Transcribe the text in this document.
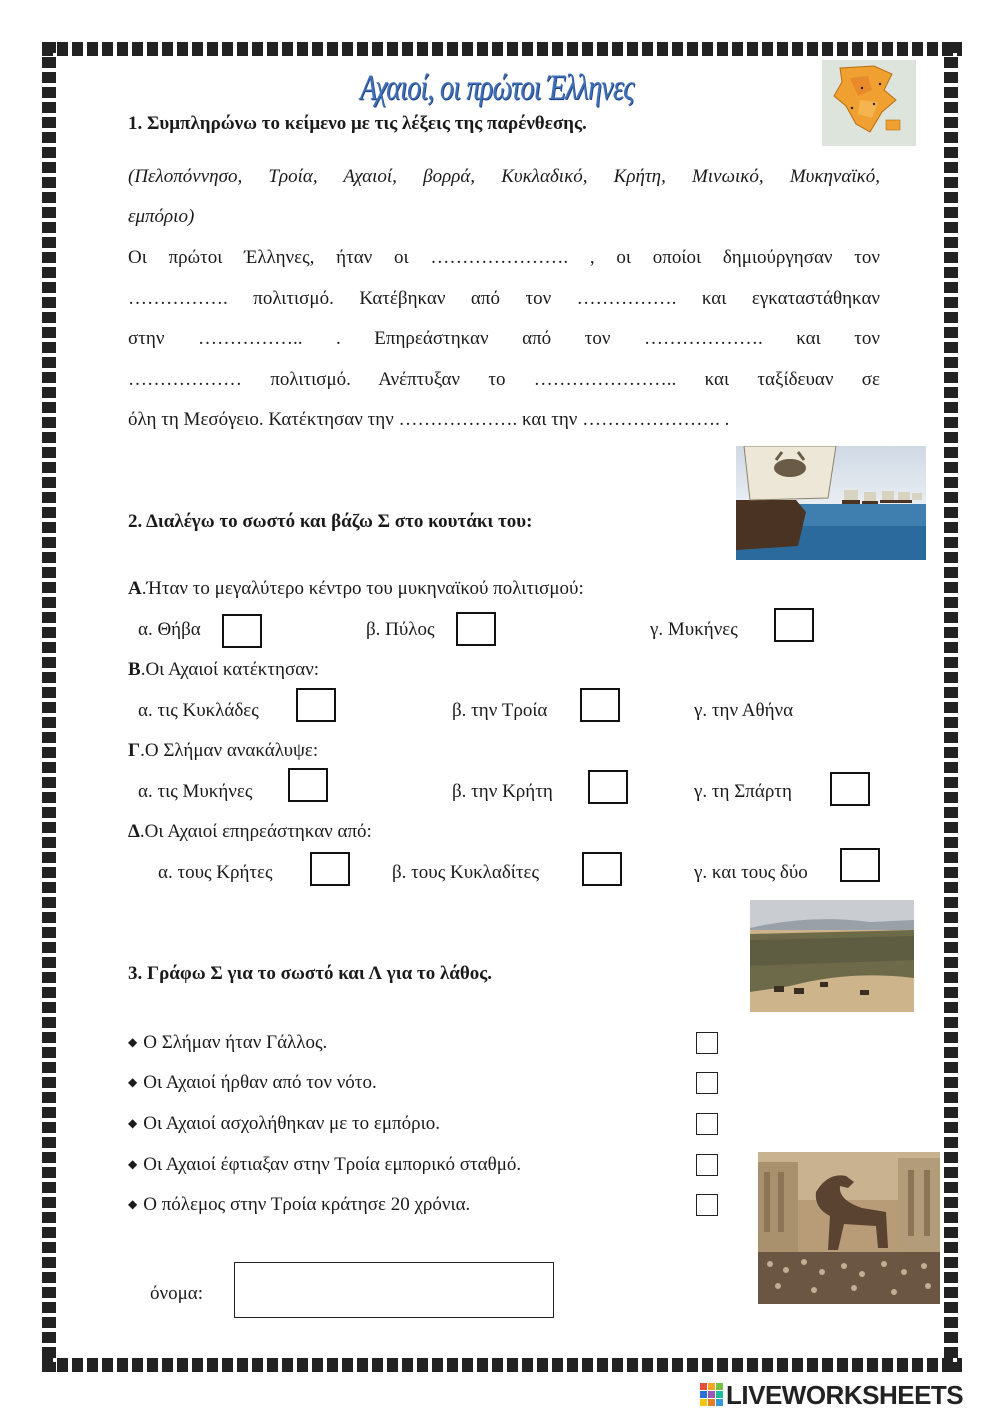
Αχαιοί, οι πρώτοι Έλληνες
1. Συμπληρώνω το κείμενο με τις λέξεις της παρένθεσης.
(Πελοπόννησο, Τροία, Αχαιοί, βορρά, Κυκλαδικό, Κρήτη, Μινωικό, Μυκηναϊκό,
εμπόριο)
Οι πρώτοι Έλληνες, ήταν οι …………………. , οι οποίοι δημιούργησαν τον
……………. πολιτισμό. Κατέβηκαν από τον ……………. και εγκαταστάθηκαν
στην …………….. . Επηρεάστηκαν από τον ………………. και τον
……………… πολιτισμό. Ανέπτυξαν το ………………….. και ταξίδευαν σε
όλη τη Μεσόγειο. Κατέκτησαν την ………………. και την …………………. .
2. Διαλέγω το σωστό και βάζω Σ στο κουτάκι του:
Α.Ήταν το μεγαλύτερο κέντρο του μυκηναϊκού πολιτισμού:
α. Θήβα	β. Πύλος	γ. Μυκήνες
Β.Οι Αχαιοί κατέκτησαν:
α. τις Κυκλάδες	β. την Τροία	γ. την Αθήνα
Γ.Ο Σλήμαν ανακάλυψε:
α. τις Μυκήνες	β. την Κρήτη	γ. τη Σπάρτη
Δ.Οι Αχαιοί επηρεάστηκαν από:
α. τους Κρήτες	β. τους Κυκλαδίτες	γ. και τους δύο
3. Γράφω Σ για το σωστό και Λ για το λάθος.
◆ Ο Σλήμαν ήταν Γάλλος.
◆ Οι Αχαιοί ήρθαν από τον νότο.
◆ Οι Αχαιοί ασχολήθηκαν με το εμπόριο.
◆ Οι Αχαιοί έφτιαξαν στην Τροία εμπορικό σταθμό.
◆ Ο πόλεμος στην Τροία κράτησε 20 χρόνια.
όνομα:
LIVEWORKSHEETS
